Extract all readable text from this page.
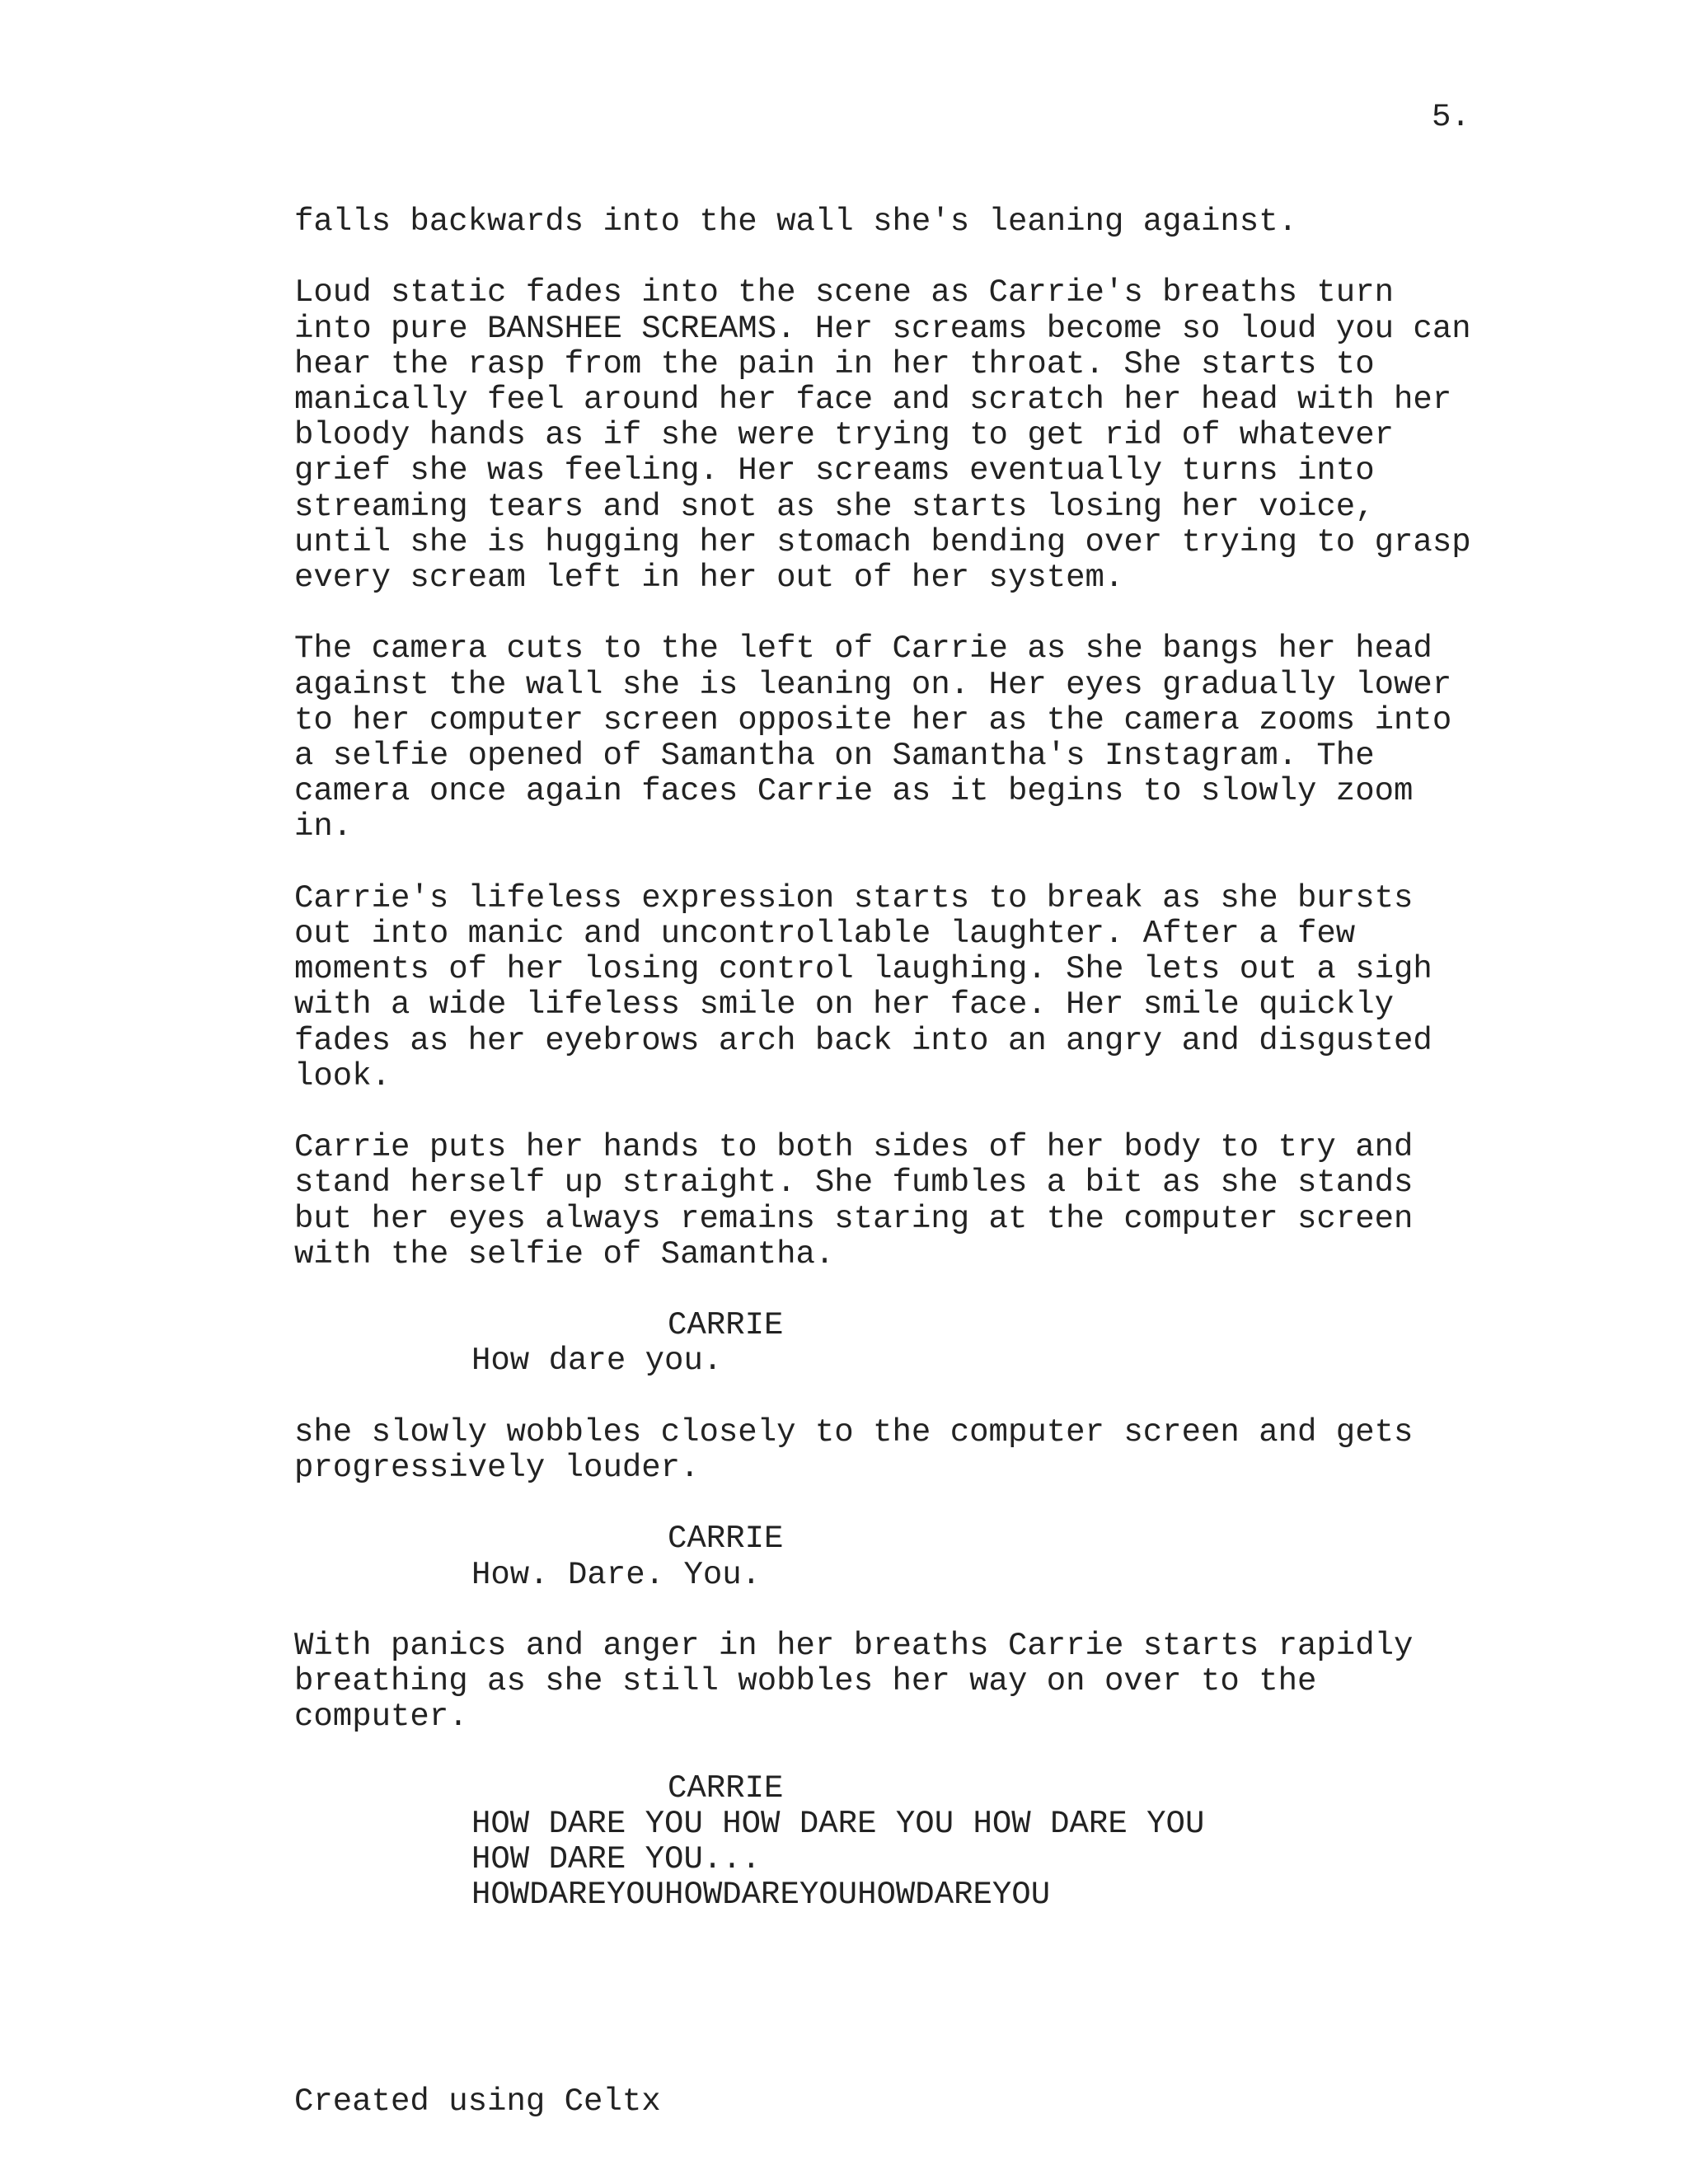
5.

falls backwards into the wall she's leaning against.

Loud static fades into the scene as Carrie's breaths turn
into pure BANSHEE SCREAMS. Her screams become so loud you can
hear the rasp from the pain in her throat. She starts to
manically feel around her face and scratch her head with her
bloody hands as if she were trying to get rid of whatever
grief she was feeling. Her screams eventually turns into
streaming tears and snot as she starts losing her voice,
until she is hugging her stomach bending over trying to grasp
every scream left in her out of her system.

The camera cuts to the left of Carrie as she bangs her head
against the wall she is leaning on. Her eyes gradually lower
to her computer screen opposite her as the camera zooms into
a selfie opened of Samantha on Samantha's Instagram. The
camera once again faces Carrie as it begins to slowly zoom
in.

Carrie's lifeless expression starts to break as she bursts
out into manic and uncontrollable laughter. After a few
moments of her losing control laughing. She lets out a sigh
with a wide lifeless smile on her face. Her smile quickly
fades as her eyebrows arch back into an angry and disgusted
look.

Carrie puts her hands to both sides of her body to try and
stand herself up straight. She fumbles a bit as she stands
but her eyes always remains staring at the computer screen
with the selfie of Samantha.

CARRIE

How dare you.

she slowly wobbles closely to the computer screen and gets
progressively louder.

CARRIE

How. Dare. You.

With panics and anger in her breaths Carrie starts rapidly
breathing as she still wobbles her way on over to the
computer.

CARRIE

HOW DARE YOU HOW DARE YOU HOW DARE YOU
HOW DARE YOU...
HOWDAREYOUHOWDAREYOUHOWDAREYOU

Created using Celtx
